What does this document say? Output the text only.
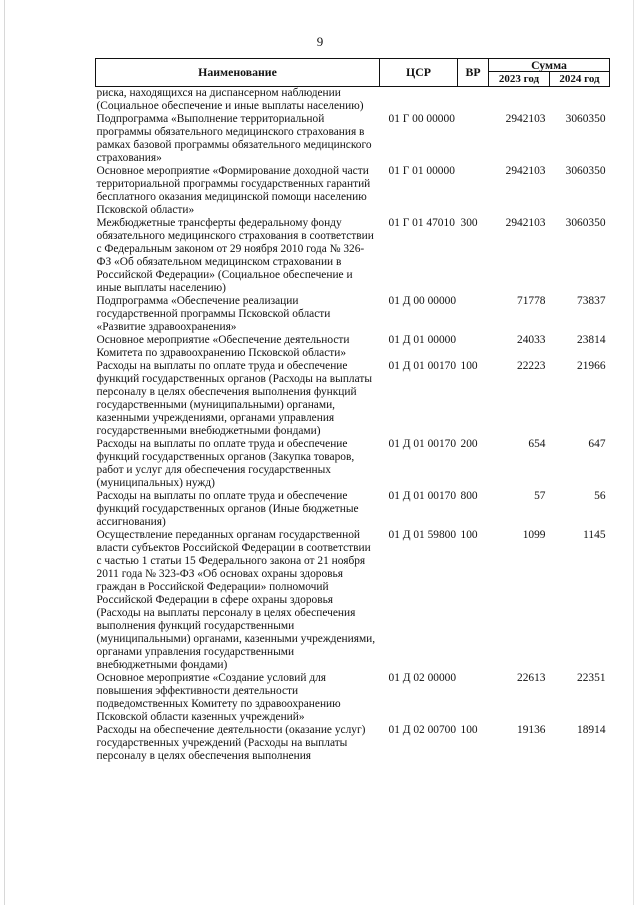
9
Наименование	ЦСР	ВР	Сумма	
			2023 год	2024 год
риска, находящихся на диспансерном наблюдении (Социальное обеспечение и иные выплаты населению)				
Подпрограмма «Выполнение территориальной программы обязательного медицинского страхования в рамках базовой программы обязательного медицинского страхования»	01 Г 00 00000		2942103	3060350
Основное мероприятие «Формирование доходной части территориальной программы государственных гарантий бесплатного оказания медицинской помощи населению Псковской области»	01 Г 01 00000		2942103	3060350
Межбюджетные трансферты федеральному фонду обязательного медицинского страхования в соответствии с Федеральным законом от 29 ноября 2010 года № 326-ФЗ «Об обязательном медицинском страховании в Российской Федерации» (Социальное обеспечение и иные выплаты населению)	01 Г 01 47010	300	2942103	3060350
Подпрограмма «Обеспечение реализации государственной программы Псковской области «Развитие здравоохранения»	01 Д 00 00000		71778	73837
Основное мероприятие «Обеспечение деятельности Комитета по здравоохранению Псковской области»	01 Д 01 00000		24033	23814
Расходы на выплаты по оплате труда и обеспечение функций государственных органов (Расходы на выплаты персоналу в целях обеспечения выполнения функций государственными (муниципальными) органами, казенными учреждениями, органами управления государственными внебюджетными фондами)	01 Д 01 00170	100	22223	21966
Расходы на выплаты по оплате труда и обеспечение функций государственных органов (Закупка товаров, работ и услуг для обеспечения государственных (муниципальных) нужд)	01 Д 01 00170	200	654	647
Расходы на выплаты по оплате труда и обеспечение функций государственных органов (Иные бюджетные ассигнования)	01 Д 01 00170	800	57	56
Осуществление переданных органам государственной власти субъектов Российской Федерации в соответствии с частью 1 статьи 15 Федерального закона от 21 ноября 2011 года № 323-ФЗ «Об основах охраны здоровья граждан в Российской Федерации» полномочий Российской Федерации в сфере охраны здоровья (Расходы на выплаты персоналу в целях обеспечения выполнения функций государственными (муниципальными) органами, казенными учреждениями, органами управления государственными внебюджетными фондами)	01 Д 01 59800	100	1099	1145
Основное мероприятие «Создание условий для повышения эффективности деятельности подведомственных Комитету по здравоохранению Псковской области казенных учреждений»	01 Д 02 00000		22613	22351
Расходы на обеспечение деятельности (оказание услуг) государственных учреждений (Расходы на выплаты персоналу в целях обеспечения выполнения	01 Д 02 00700	100	19136	18914
